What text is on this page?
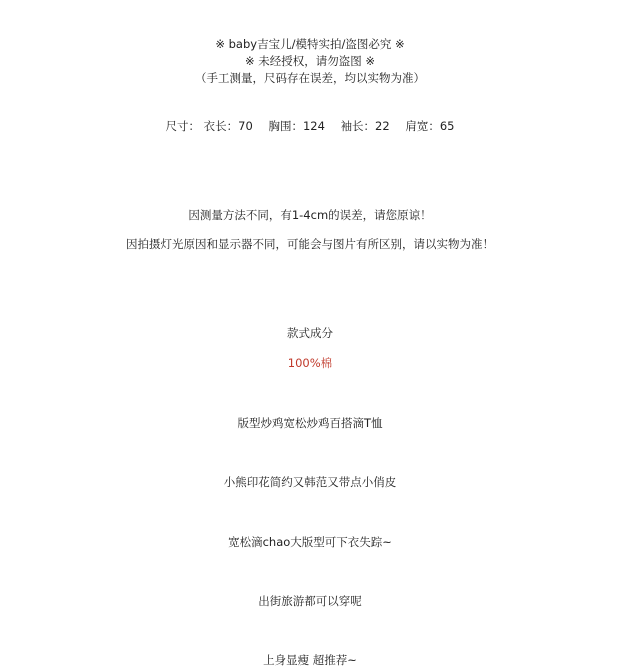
※ baby吉宝儿/模特实拍/盗图必究 ※
※ 未经授权，请勿盗图 ※
（手工测量，尺码存在误差，均以实物为准）
尺寸： 衣长：70 胸围：124 袖长：22 肩宽：65
因测量方法不同，有1-4cm的误差，请您原谅！
因拍摄灯光原因和显示器不同，可能会与图片有所区别，请以实物为准！
款式成分
100%棉
版型炒鸡宽松炒鸡百搭滴T恤
小熊印花简约又韩范又带点小俏皮
宽松滴chao大版型可下衣失踪~
出街旅游都可以穿呢
上身显瘦 超推荐~
